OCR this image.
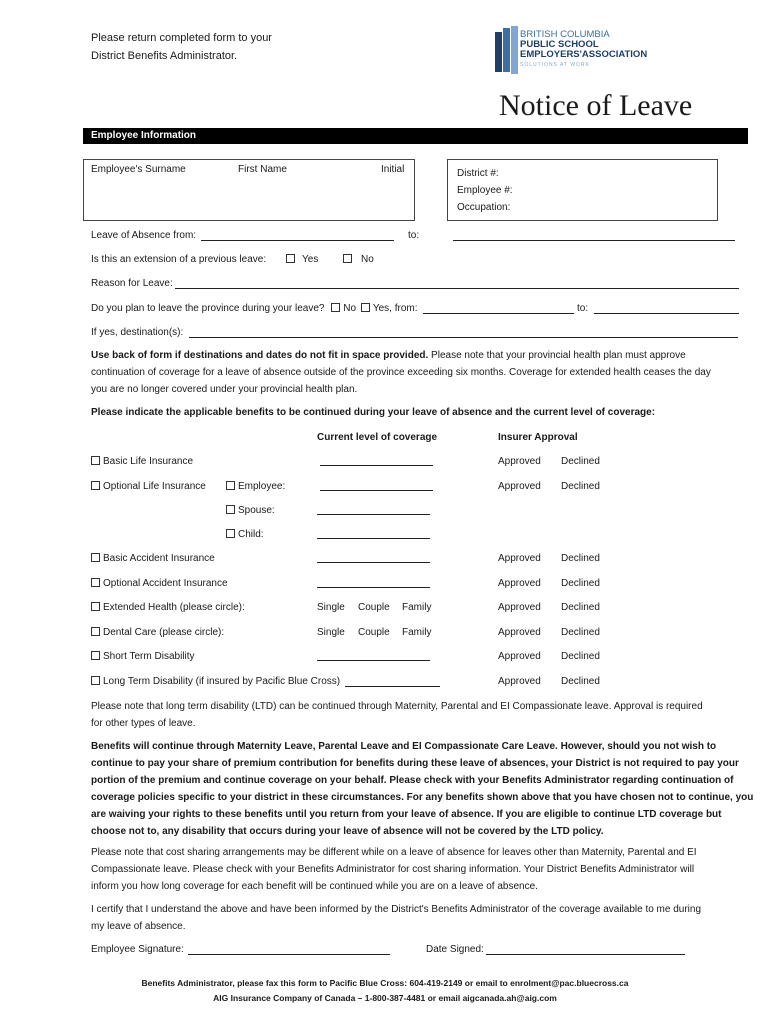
Please return completed form to your
District Benefits Administrator.
BRITISH COLUMBIA
PUBLIC SCHOOL
EMPLOYERS'ASSOCIATION
SOLUTIONS AT WORK
Notice of Leave
Employee Information
Employee's Surname	First Name	Initial	District #:
Employee #:
Occupation:
Leave of Absence from:	to:
Is this an extension of a previous leave:	Yes	No
Reason for Leave:
Do you plan to leave the province during your leave? No Yes, from:	to:
If yes, destination(s):
Use back of form if destinations and dates do not fit in space provided. Please note that your provincial health plan must approve
continuation of coverage for a leave of absence outside of the province exceeding six months. Coverage for extended health ceases the day
you are no longer covered under your provincial health plan.
Please indicate the applicable benefits to be continued during your leave of absence and the current level of coverage:
Current level of coverage	Insurer Approval
Basic Life Insurance	Approved Declined
Optional Life Insurance	Employee:	Approved Declined
Spouse:
Child:
Basic Accident Insurance	Approved Declined
Optional Accident Insurance	Approved Declined
Extended Health (please circle):	Single Couple Family	Approved Declined
Dental Care (please circle):	Single Couple Family	Approved Declined
Short Term Disability	Approved Declined
Long Term Disability (if insured by Pacific Blue Cross)	Approved Declined
Please note that long term disability (LTD) can be continued through Maternity, Parental and EI Compassionate leave. Approval is required
for other types of leave.
Benefits will continue through Maternity Leave, Parental Leave and EI Compassionate Care Leave. However, should you not wish to
continue to pay your share of premium contribution for benefits during these leave of absences, your District is not required to pay your
portion of the premium and continue coverage on your behalf. Please check with your Benefits Administrator regarding continuation of
coverage policies specific to your district in these circumstances. For any benefits shown above that you have chosen not to continue, you
are waiving your rights to these benefits until you return from your leave of absence. If you are eligible to continue LTD coverage but
choose not to, any disability that occurs during your leave of absence will not be covered by the LTD policy.
Please note that cost sharing arrangements may be different while on a leave of absence for leaves other than Maternity, Parental and EI
Compassionate leave. Please check with your Benefits Administrator for cost sharing information. Your District Benefits Administrator will
inform you how long coverage for each benefit will be continued while you are on a leave of absence.
I certify that I understand the above and have been informed by the District's Benefits Administrator of the coverage available to me during
my leave of absence.
Employee Signature:	Date Signed:
Benefits Administrator, please fax this form to Pacific Blue Cross: 604-419-2149 or email to enrolment@pac.bluecross.ca
AIG Insurance Company of Canada – 1-800-387-4481 or email aigcanada.ah@aig.com
